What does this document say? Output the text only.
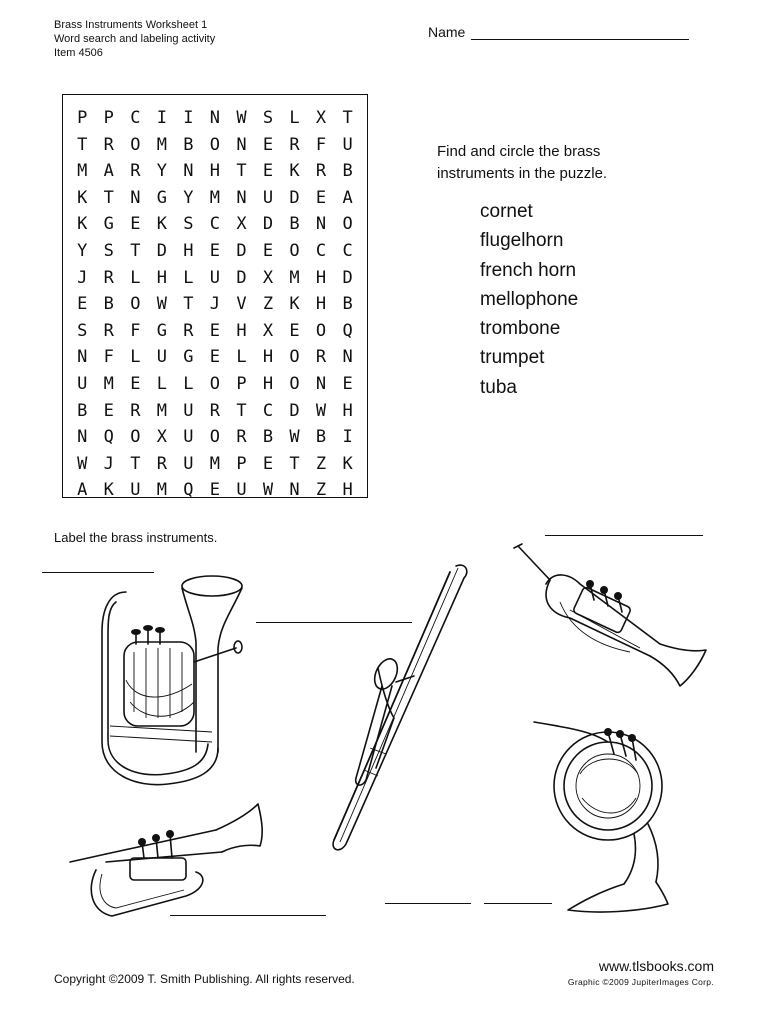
Brass Instruments Worksheet 1
Word search and labeling activity
Item 4506
Name
P P C I I N W S L X T
T R O M B O N E R F U
M A R Y N H T E K R B
K T N G Y M N U D E A
K G E K S C X D B N O
Y S T D H E D E O C C
J R L H L U D X M H D
E B O W T J V Z K H B
S R F G R E H X E O Q
N F L U G E L H O R N
U M E L L O P H O N E
B E R M U R T C D W H
N Q O X U O R B W B I
W J T R U M P E T Z K
A K U M Q E U W N Z H
Find and circle the brass instruments in the puzzle.
cornet
flugelhorn
french horn
mellophone
trombone
trumpet
tuba
Label the brass instruments.
Copyright ©2009 T. Smith Publishing. All rights reserved.
www.tlsbooks.com
Graphic ©2009 JupiterImages Corp.
